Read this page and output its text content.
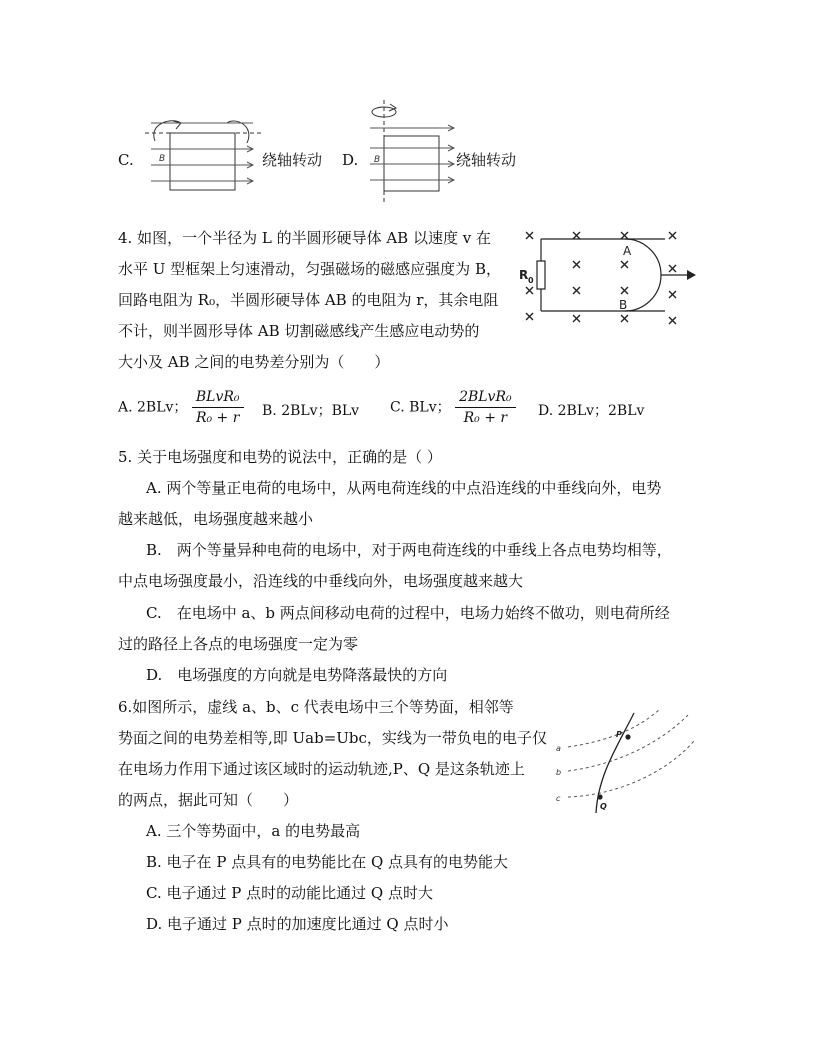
C.	B	绕轴转动 D. B	绕轴转动
4. 如图，一个半径为 L 的半圆形硬导体 AB 以速度 v 在
水平 U 型框架上匀速滑动，匀强磁场的磁感应强度为 B，
回路电阻为 R₀，半圆形硬导体 AB 的电阻为 r，其余电阻
不计，则半圆形导体 AB 切割磁感线产生感应电动势的
大小及 AB 之间的电势差分别为（　　）
A
B
R 0
A. 2BLv； $\frac{\text{BLvR₀}}{\text{R₀ + r}} B$. 2BLv；BLv C. BLv； $\frac{\text{2BLvR₀}}{\text{R₀ + r}} D$. 2BLv；2BLv
5. 关于电场强度和电势的说法中，正确的是（ ）
A. 两个等量正电荷的电场中，从两电荷连线的中点沿连线的中垂线向外，电势
越来越低，电场强度越来越小
B.　两个等量异种电荷的电场中，对于两电荷连线的中垂线上各点电势均相等，
中点电场强度最小，沿连线的中垂线向外，电场强度越来越大
C.　在电场中 a、b 两点间移动电荷的过程中，电场力始终不做功，则电荷所经
过的路径上各点的电场强度一定为零
D.　电场强度的方向就是电势降落最快的方向
6.如图所示，虚线 a、b、c 代表电场中三个等势面，相邻等
势面之间的电势差相等,即 Uab=Ubc，实线为一带负电的电子仅
在电场力作用下通过该区域时的运动轨迹,P、Q 是这条轨迹上
的两点，据此可知（　　）
a
b
c
P
Q
A. 三个等势面中，a 的电势最高
B. 电子在 P 点具有的电势能比在 Q 点具有的电势能大
C. 电子通过 P 点时的动能比通过 Q 点时大
D. 电子通过 P 点时的加速度比通过 Q 点时小
